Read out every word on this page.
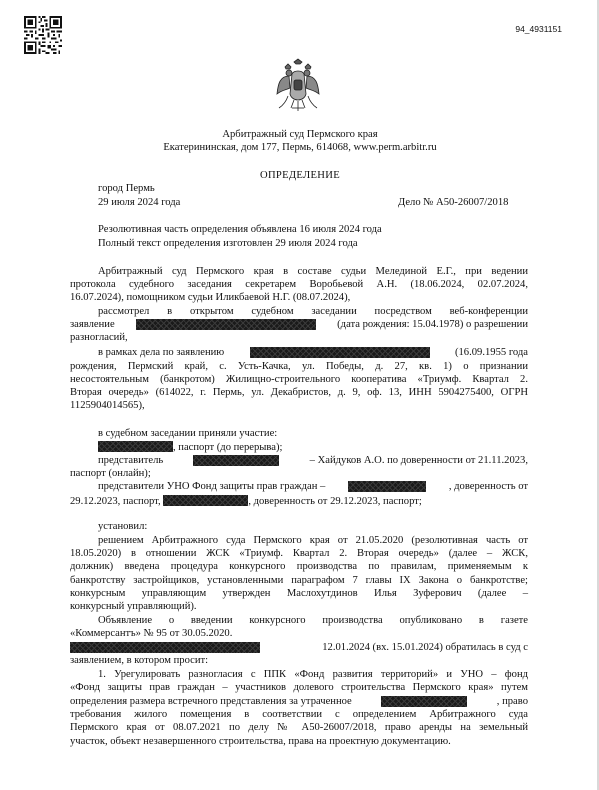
94_4931151
Арбитражный суд Пермского края
Екатерининская, дом 177, Пермь, 614068, www.perm.arbitr.ru
ОПРЕДЕЛЕНИЕ
город Пермь
29 июля 2024 года	Дело № А50-26007/2018
Резолютивная часть определения объявлена 16 июля 2024 года
Полный текст определения изготовлен 29 июля 2024 года
Арбитражный суд Пермского края в составе судьи Мелединой Е.Г., при ведении
протокола судебного заседания секретарем Воробьевой А.Н. (18.06.2024, 02.07.2024,
16.07.2024), помощником судьи Иликбаевой Н.Г. (08.07.2024),
рассмотрел в открытом судебном заседании посредством веб-конференции
заявление	(дата рождения: 15.04.1978) о разрешении
разногласий,
в рамках дела по заявлению	(16.09.1955 года
рождения, Пермский край, с. Усть-Качка, ул. Победы, д. 27, кв. 1) о признании
несостоятельным (банкротом) Жилищно-строительного кооператива «Триумф. Квартал 2.
Вторая очередь» (614022, г. Пермь, ул. Декабристов, д. 9, оф. 13, ИНН 5904275400, ОГРН
1125904014565),
в судебном заседании приняли участие:
, паспорт (до перерыва);
представитель	– Хайдуков А.О. по доверенности от 21.11.2023,
паспорт (онлайн);
представители УНО Фонд защиты прав граждан –	, доверенность от
29.12.2023, паспорт,	, доверенность от 29.12.2023, паспорт;
установил:
решением Арбитражного суда Пермского края от 21.05.2020 (резолютивная часть от
18.05.2020) в отношении ЖСК «Триумф. Квартал 2. Вторая очередь» (далее – ЖСК,
должник) введена процедура конкурсного производства по правилам, применяемым к
банкротству застройщиков, установленными параграфом 7 главы IX Закона о банкротстве;
конкурсным управляющим утвержден Маслохутдинов Илья Зуферович (далее –
конкурсный управляющий).
Объявление о введении конкурсного производства опубликовано в газете
«Коммерсантъ» № 95 от 30.05.2020.
12.01.2024 (вх. 15.01.2024) обратилась в суд с
заявлением, в котором просит:
1. Урегулировать разногласия с ППК «Фонд развития территорий» и УНО – фонд
«Фонд защиты прав граждан – участников долевого строительства Пермского края» путем
определения размера встречного представления за утраченное	, право
требования жилого помещения в соответствии с определением Арбитражного суда
Пермского края от 08.07.2021 по делу № А50-26007/2018, право аренды на земельный
участок, объект незавершенного строительства, права на проектную документацию.
